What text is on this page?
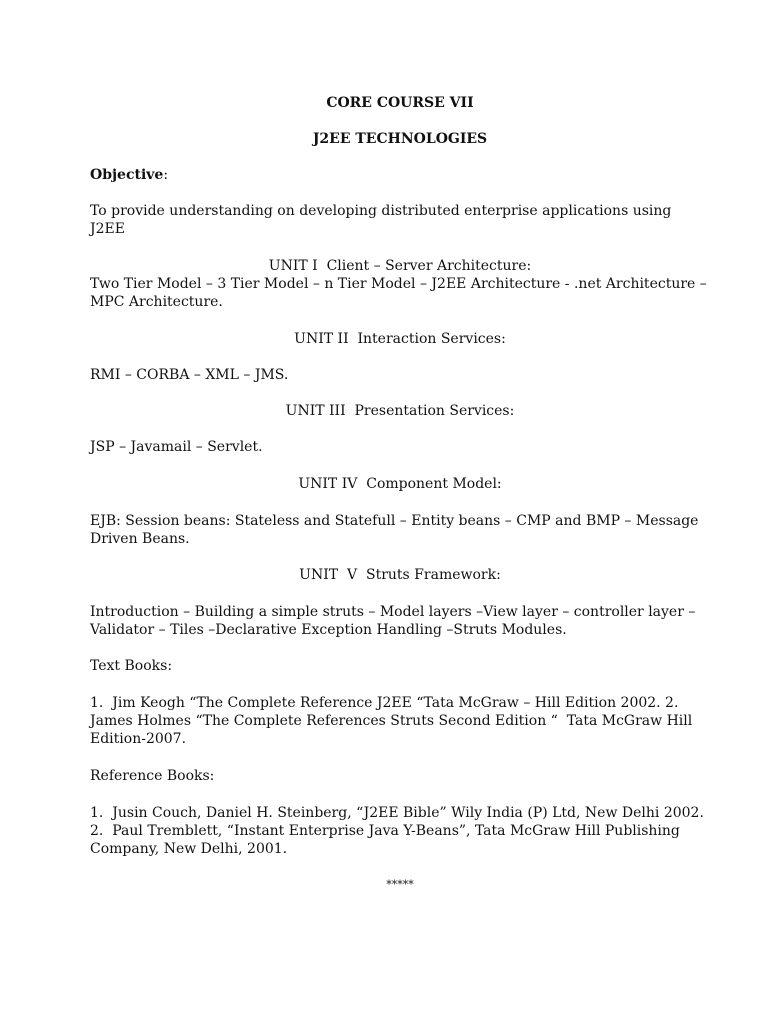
CORE COURSE VII

J2EE TECHNOLOGIES

Objective:

To provide understanding on developing distributed enterprise applications using J2EE

UNIT I  Client – Server Architecture:

Two Tier Model – 3 Tier Model – n Tier Model – J2EE Architecture - .net Architecture – MPC Architecture.

UNIT II  Interaction Services:

RMI – CORBA – XML – JMS.

UNIT III  Presentation Services:

JSP – Javamail – Servlet.

UNIT IV  Component Model:

EJB: Session beans: Stateless and Statefull – Entity beans – CMP and BMP – Message Driven Beans.

UNIT  V  Struts Framework:

Introduction – Building a simple struts – Model layers –View layer – controller layer – Validator – Tiles –Declarative Exception Handling –Struts Modules.

Text Books:

1.  Jim Keogh “The Complete Reference J2EE “Tata McGraw – Hill Edition 2002. 2. James Holmes “The Complete References Struts Second Edition “  Tata McGraw Hill Edition-2007.

Reference Books:

1.  Jusin Couch, Daniel H. Steinberg, “J2EE Bible” Wily India (P) Ltd, New Delhi 2002. 2.  Paul Tremblett, “Instant Enterprise Java Y-Beans”, Tata McGraw Hill Publishing Company, New Delhi, 2001.

*****
